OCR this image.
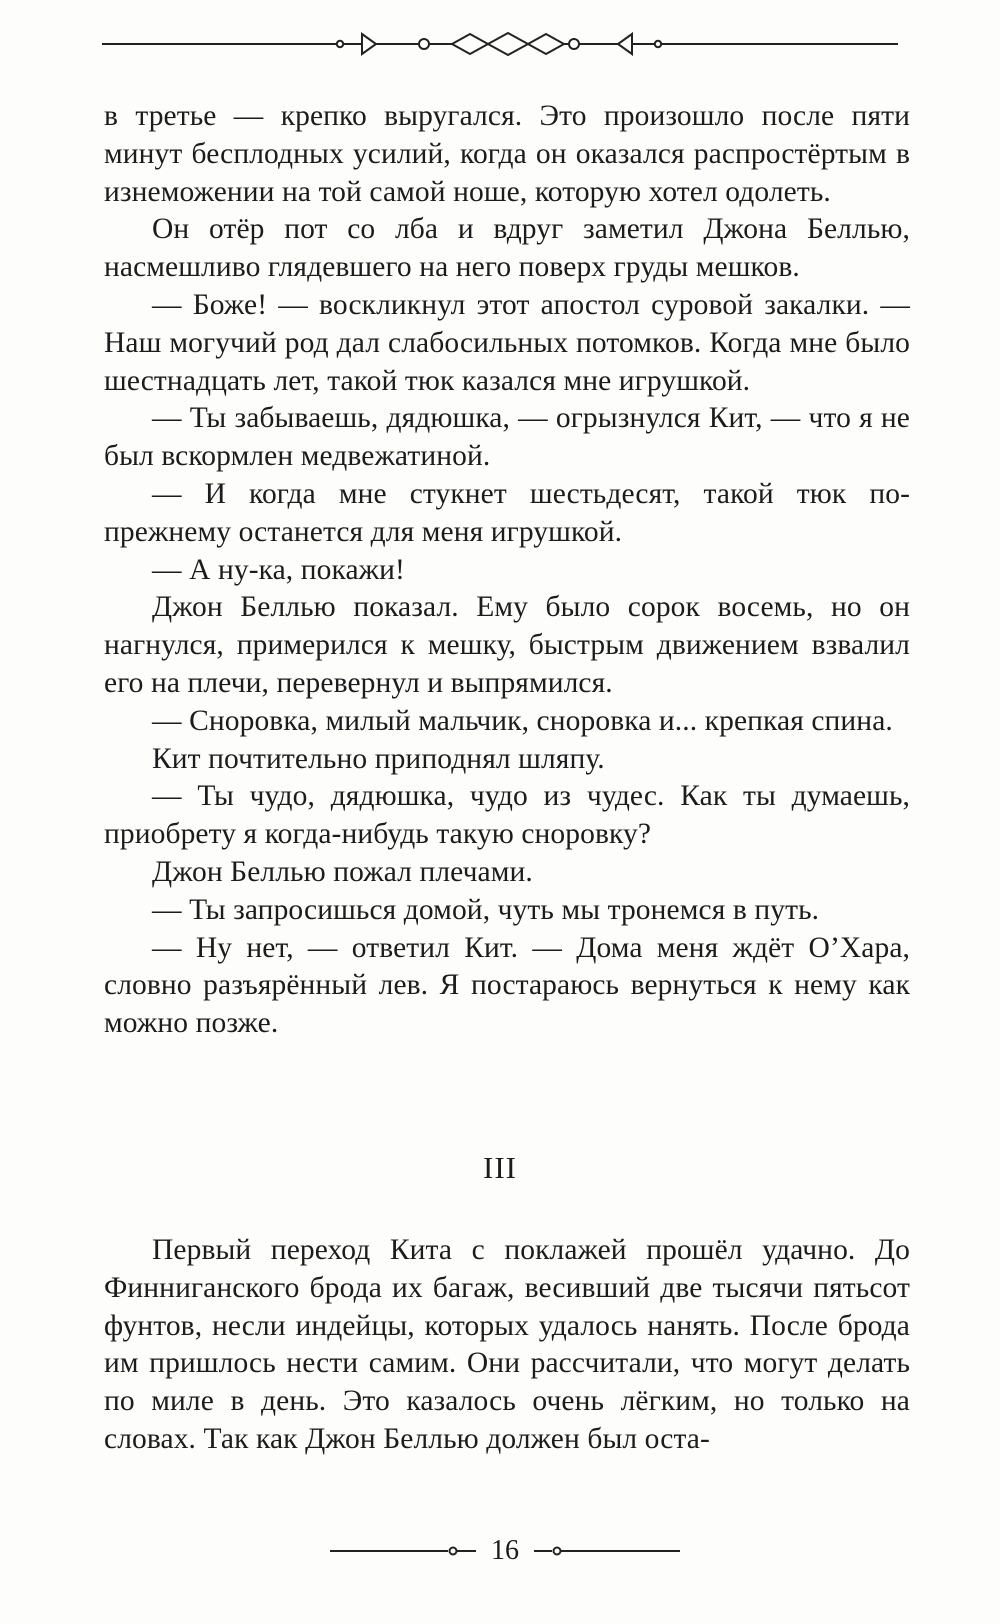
в третье — крепко выругался. Это произошло после пяти минут бесплодных усилий, когда он оказался распростёртым в изнеможении на той самой ноше, которую хотел одолеть.

Он отёр пот со лба и вдруг заметил Джона Беллью, насмешливо глядевшего на него поверх груды мешков.

— Боже! — воскликнул этот апостол суровой закалки. — Наш могучий род дал слабосильных потомков. Когда мне было шестнадцать лет, такой тюк казался мне игрушкой.

— Ты забываешь, дядюшка, — огрызнулся Кит, — что я не был вскормлен медвежатиной.

— И когда мне стукнет шестьдесят, такой тюк по-прежнему останется для меня игрушкой.

— А ну-ка, покажи!

Джон Беллью показал. Ему было сорок восемь, но он нагнулся, примерился к мешку, быстрым движением взвалил его на плечи, перевернул и выпрямился.

— Сноровка, милый мальчик, сноровка и... крепкая спина.

Кит почтительно приподнял шляпу.

— Ты чудо, дядюшка, чудо из чудес. Как ты думаешь, приобрету я когда-нибудь такую сноровку?

Джон Беллью пожал плечами.

— Ты запросишься домой, чуть мы тронемся в путь.

— Ну нет, — ответил Кит. — Дома меня ждёт О’Хара, словно разъярённый лев. Я постараюсь вернуться к нему как можно позже.

III

Первый переход Кита с поклажей прошёл удачно. До Финниганского брода их багаж, весивший две тысячи пятьсот фунтов, несли индейцы, которых удалось нанять. После брода им пришлось нести самим. Они рассчитали, что могут делать по миле в день. Это казалось очень лёгким, но только на словах. Так как Джон Беллью должен был оста-

16
